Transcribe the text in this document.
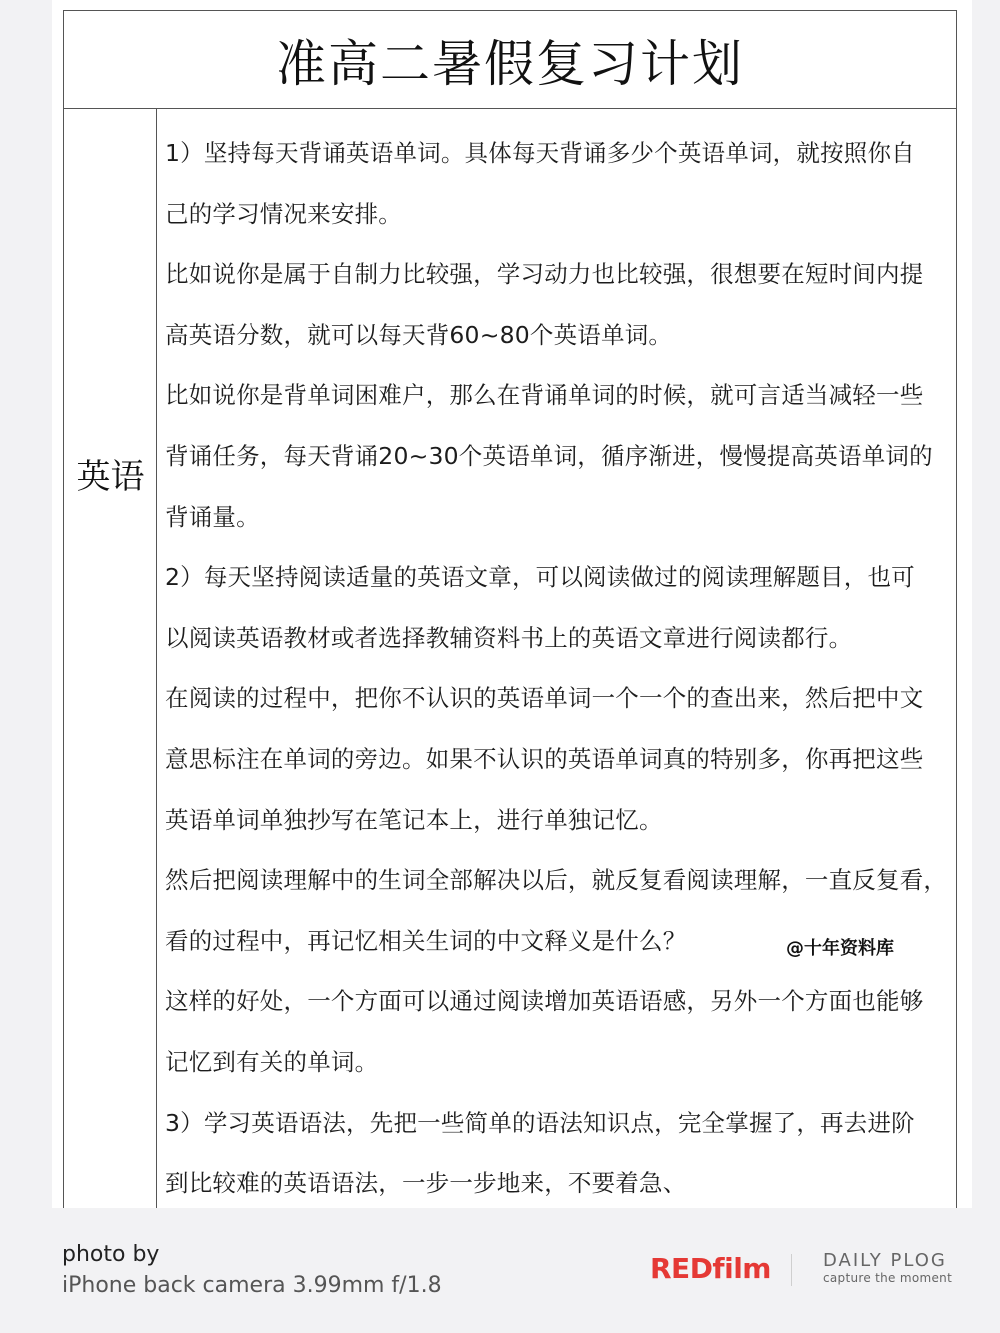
准高二暑假复习计划
英语
1）坚持每天背诵英语单词。具体每天背诵多少个英语单词，就按照你自
己的学习情况来安排。
比如说你是属于自制力比较强，学习动力也比较强，很想要在短时间内提
高英语分数，就可以每天背60~80个英语单词。
比如说你是背单词困难户，那么在背诵单词的时候，就可言适当减轻一些
背诵任务，每天背诵20~30个英语单词，循序渐进，慢慢提高英语单词的
背诵量。
2）每天坚持阅读适量的英语文章，可以阅读做过的阅读理解题目，也可
以阅读英语教材或者选择教辅资料书上的英语文章进行阅读都行。
在阅读的过程中，把你不认识的英语单词一个一个的查出来，然后把中文
意思标注在单词的旁边。如果不认识的英语单词真的特别多，你再把这些
英语单词单独抄写在笔记本上，进行单独记忆。
然后把阅读理解中的生词全部解决以后，就反复看阅读理解，一直反复看，
看的过程中，再记忆相关生词的中文释义是什么？
这样的好处，一个方面可以通过阅读增加英语语感，另外一个方面也能够
记忆到有关的单词。
3）学习英语语法，先把一些简单的语法知识点，完全掌握了，再去进阶
到比较难的英语语法，一步一步地来，不要着急、
@十年资料库
photo by
iPhone back camera 3.99mm f/1.8
REDfilm	DAILY PLOG
capture the moment
